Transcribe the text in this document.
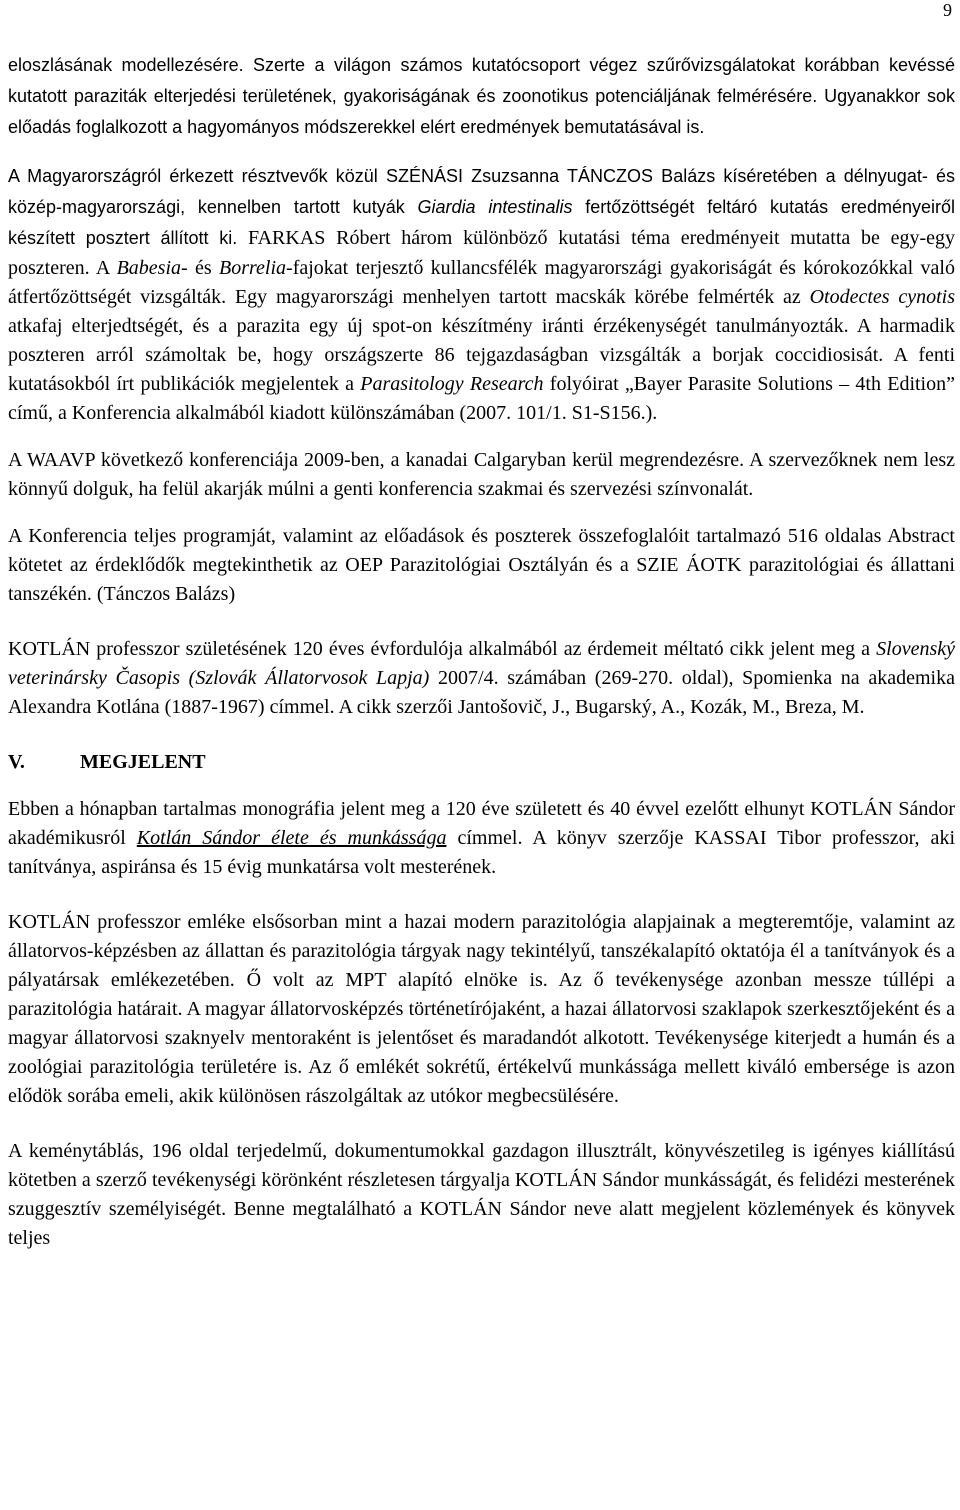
9

eloszlásának modellezésére. Szerte a világon számos kutatócsoport végez szűrővizsgálatokat korábban kevéssé kutatott paraziták elterjedési területének, gyakoriságának és zoonotikus potenciáljának felmérésére. Ugyanakkor sok előadás foglalkozott a hagyományos módszerekkel elért eredmények bemutatásával is.

A Magyarországról érkezett résztvevők közül SZÉNÁSI Zsuzsanna TÁNCZOS Balázs kíséretében a délnyugat- és közép-magyarországi, kennelben tartott kutyák Giardia intestinalis fertőzöttségét feltáró kutatás eredményeiről készített posztert állított ki. FARKAS Róbert három különböző kutatási téma eredményeit mutatta be egy-egy poszteren. A Babesia- és Borrelia-fajokat terjesztő kullancsfélék magyarországi gyakoriságát és kórokozókkal való átfertőzöttségét vizsgálták. Egy magyarországi menhelyen tartott macskák körébe felmérték az Otodectes cynotis atkafaj elterjedtségét, és a parazita egy új spot-on készítmény iránti érzékenységét tanulmányozták. A harmadik poszteren arról számoltak be, hogy országszerte 86 tejgazdaságban vizsgálták a borjak coccidiosisát. A fenti kutatásokból írt publikációk megjelentek a Parasitology Research folyóirat „Bayer Parasite Solutions – 4th Edition” című, a Konferencia alkalmából kiadott különszámában (2007. 101/1. S1-S156.).

A WAAVP következő konferenciája 2009-ben, a kanadai Calgaryban kerül megrendezésre. A szervezőknek nem lesz könnyű dolguk, ha felül akarják múlni a genti konferencia szakmai és szervezési színvonalát.

A Konferencia teljes programját, valamint az előadások és poszterek összefoglalóit tartalmazó 516 oldalas Abstract kötetet az érdeklődők megtekinthetik az OEP Parazitológiai Osztályán és a SZIE ÁOTK parazitológiai és állattani tanszékén. (Tánczos Balázs)

KOTLÁN professzor születésének 120 éves évfordulója alkalmából az érdemeit méltató cikk jelent meg a Slovenský veterinársky Časopis (Szlovák Állatorvosok Lapja) 2007/4. számában (269-270. oldal), Spomienka na akademika Alexandra Kotlána (1887-1967) címmel. A cikk szerzői Jantošovič, J., Bugarský, A., Kozák, M., Breza, M.

V.	MEGJELENT

Ebben a hónapban tartalmas monográfia jelent meg a 120 éve született és 40 évvel ezelőtt elhunyt KOTLÁN Sándor akadémikusról Kotlán Sándor élete és munkássága címmel. A könyv szerzője KASSAI Tibor professzor, aki tanítványa, aspiránsa és 15 évig munkatársa volt mesterének.

KOTLÁN professzor emléke elsősorban mint a hazai modern parazitológia alapjainak a megteremtője, valamint az állatorvos-képzésben az állattan és parazitológia tárgyak nagy tekintélyű, tanszékalapító oktatója él a tanítványok és a pályatársak emlékezetében. Ő volt az MPT alapító elnöke is. Az ő tevékenysége azonban messze túllépi a parazitológia határait. A magyar állatorvosképzés történetírójaként, a hazai állatorvosi szaklapok szerkesztőjeként és a magyar állatorvosi szaknyelv mentoraként is jelentőset és maradandót alkotott. Tevékenysége kiterjedt a humán és a zoológiai parazitológia területére is. Az ő emlékét sokrétű, értékelvű munkássága mellett kiváló embersége is azon elődök sorába emeli, akik különösen rászolgáltak az utókor megbecsülésére.

A keménytáblás, 196 oldal terjedelmű, dokumentumokkal gazdagon illusztrált, könyvészetileg is igényes kiállítású kötetben a szerző tevékenységi körönként részletesen tárgyalja KOTLÁN Sándor munkásságát, és felidézi mesterének szuggesztív személyiségét. Benne megtalálható a KOTLÁN Sándor neve alatt megjelent közlemények és könyvek teljes
